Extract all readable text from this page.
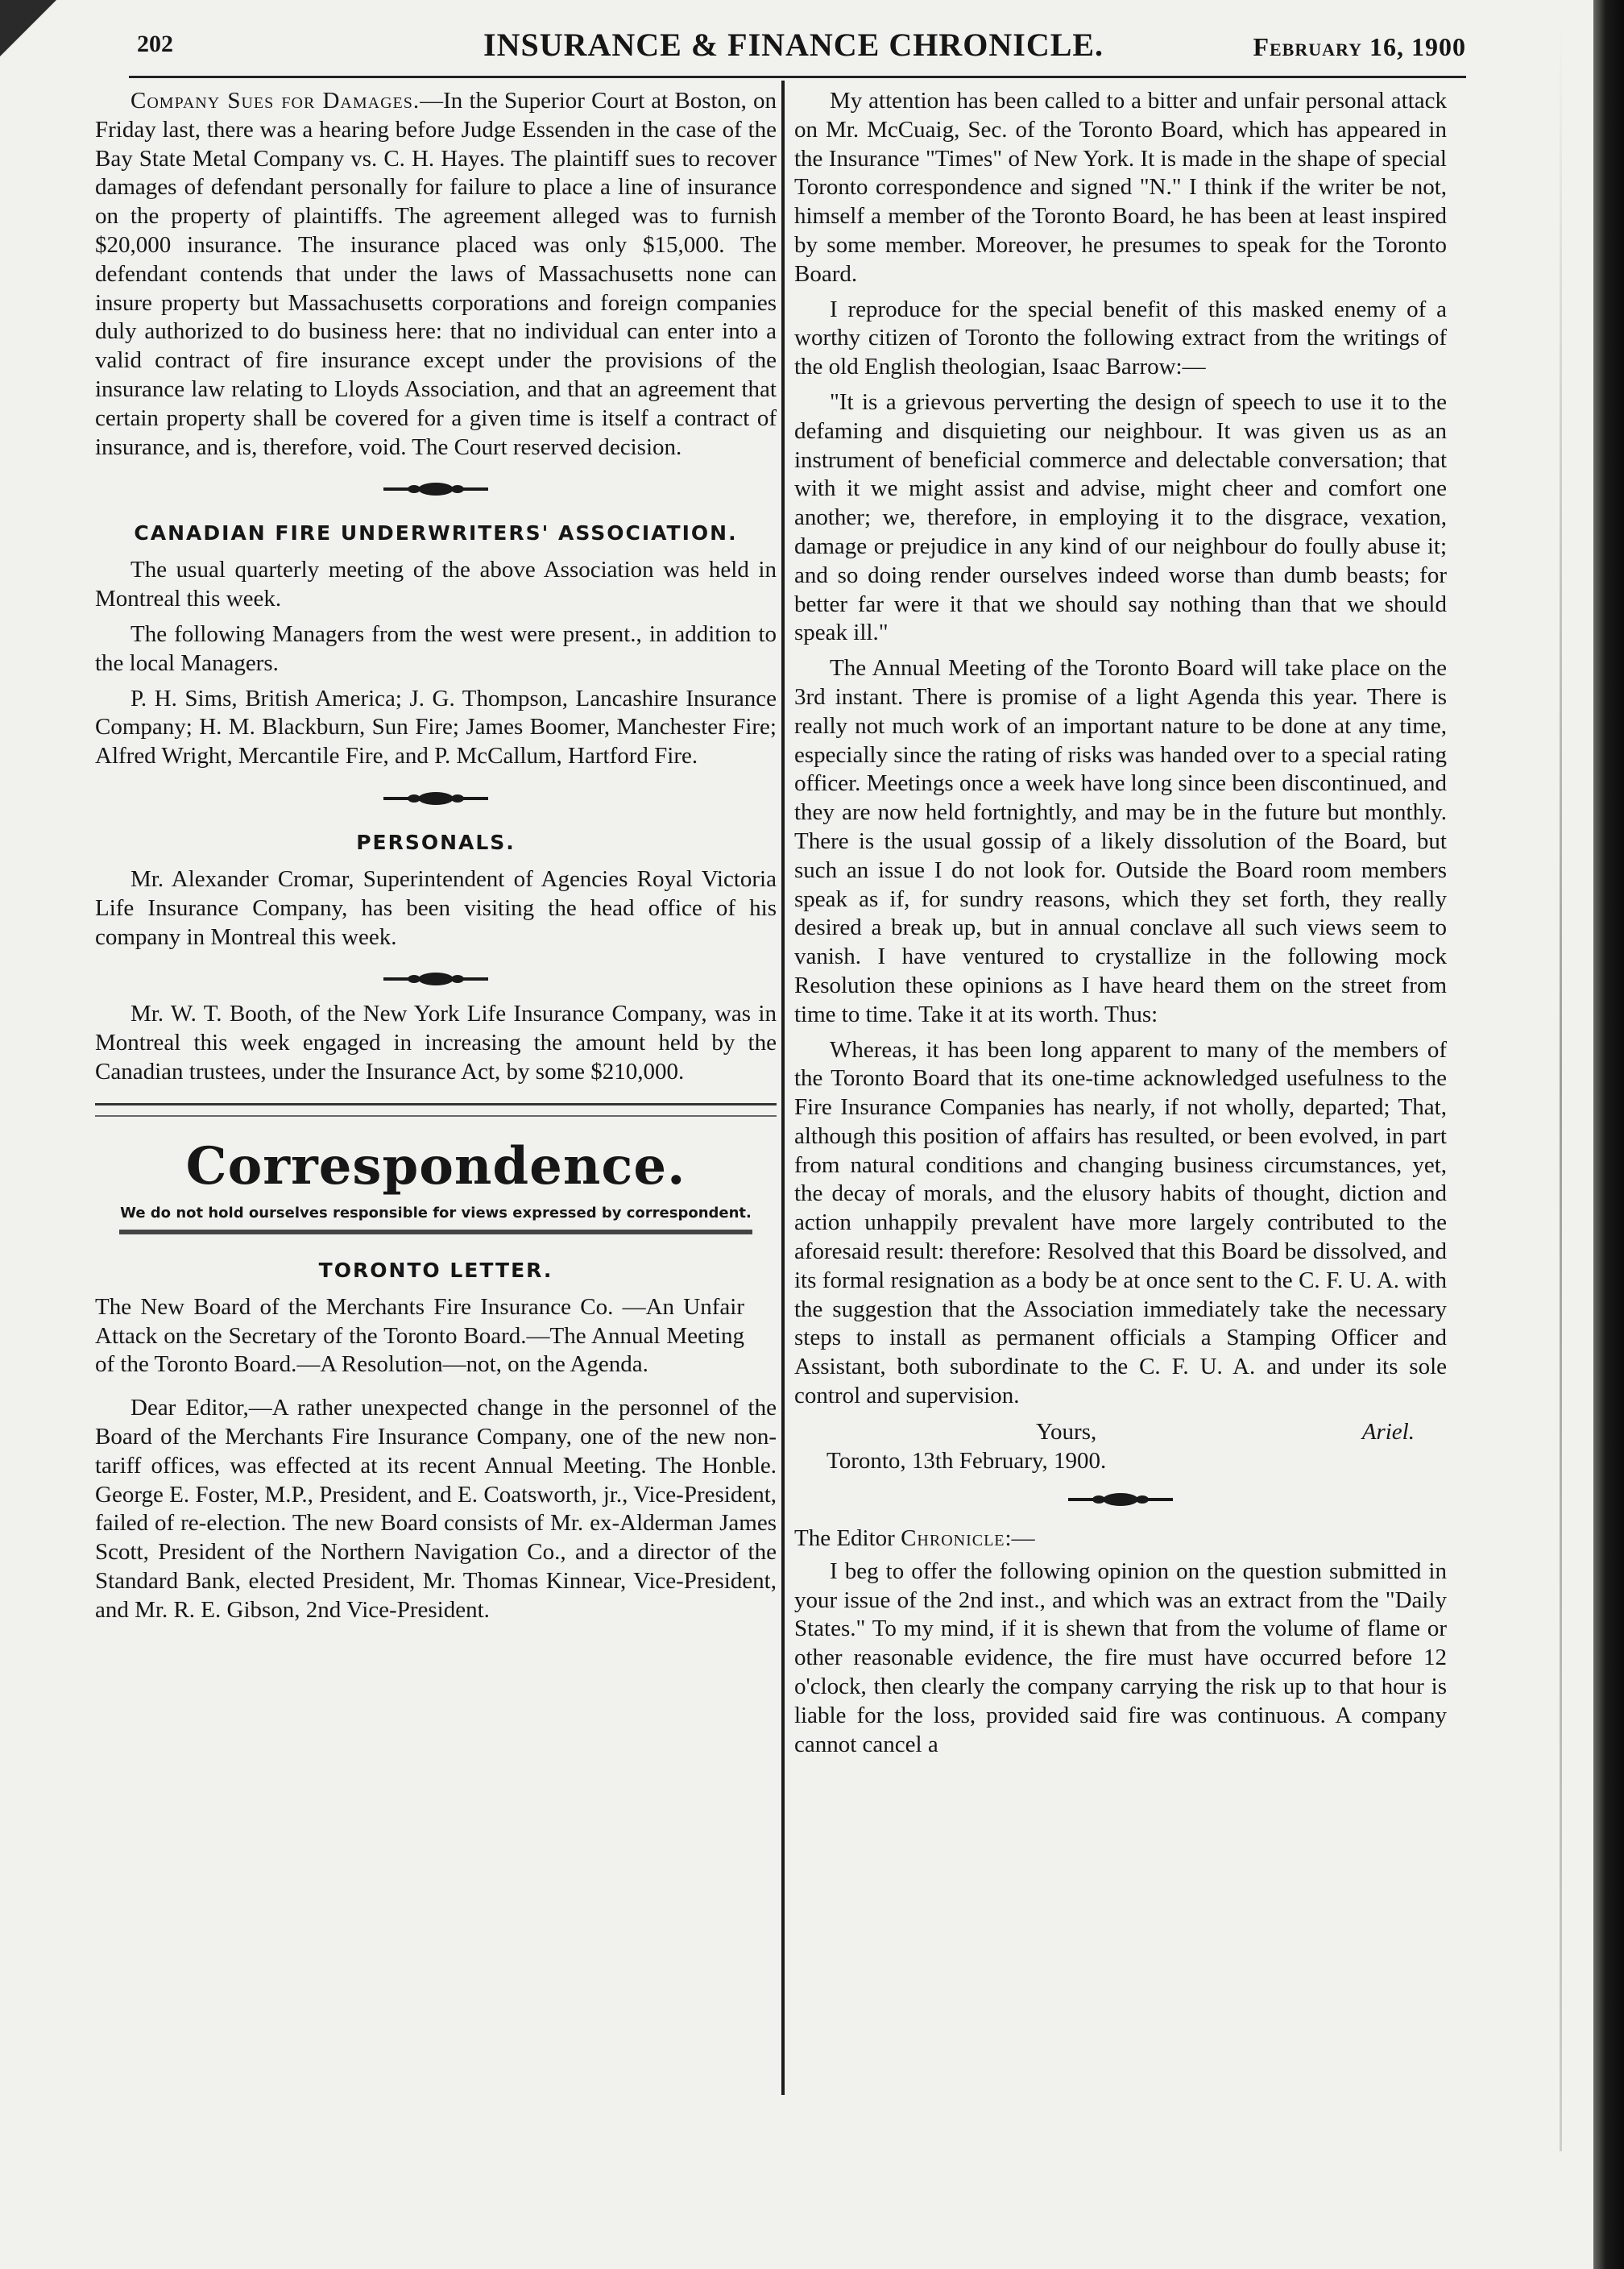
202	INSURANCE & FINANCE CHRONICLE.	February 16, 1900

Company Sues for Damages.—In the Superior Court at Boston, on Friday last, there was a hearing before Judge Essenden in the case of the Bay State Metal Company vs. C. H. Hayes. The plaintiff sues to recover damages of defendant personally for failure to place a line of insurance on the property of plaintiffs. The agreement alleged was to furnish $20,000 insurance. The insurance placed was only $15,000. The defendant contends that under the laws of Massachusetts none can insure property but Massachusetts corporations and foreign companies duly authorized to do business here: that no individual can enter into a valid contract of fire insurance except under the provisions of the insurance law relating to Lloyds Association, and that an agreement that certain property shall be covered for a given time is itself a contract of insurance, and is, therefore, void. The Court reserved decision.

CANADIAN FIRE UNDERWRITERS' ASSOCIATION.

The usual quarterly meeting of the above Association was held in Montreal this week.

The following Managers from the west were present., in addition to the local Managers.

P. H. Sims, British America; J. G. Thompson, Lancashire Insurance Company; H. M. Blackburn, Sun Fire; James Boomer, Manchester Fire; Alfred Wright, Mercantile Fire, and P. McCallum, Hartford Fire.

PERSONALS.

Mr. Alexander Cromar, Superintendent of Agencies Royal Victoria Life Insurance Company, has been visiting the head office of his company in Montreal this week.

Mr. W. T. Booth, of the New York Life Insurance Company, was in Montreal this week engaged in increasing the amount held by the Canadian trustees, under the Insurance Act, by some $210,000.

Correspondence.
We do not hold ourselves responsible for views expressed by correspondent.
TORONTO LETTER.
The New Board of the Merchants Fire Insurance Co. —An Unfair Attack on the Secretary of the Toronto Board.—The Annual Meeting of the Toronto Board.—A Resolution—not, on the Agenda.

Dear Editor,—A rather unexpected change in the personnel of the Board of the Merchants Fire Insurance Company, one of the new non-tariff offices, was effected at its recent Annual Meeting. The Honble. George E. Foster, M.P., President, and E. Coatsworth, jr., Vice-President, failed of re-election. The new Board consists of Mr. ex-Alderman James Scott, President of the Northern Navigation Co., and a director of the Standard Bank, elected President, Mr. Thomas Kinnear, Vice-President, and Mr. R. E. Gibson, 2nd Vice-President.

My attention has been called to a bitter and unfair personal attack on Mr. McCuaig, Sec. of the Toronto Board, which has appeared in the Insurance "Times" of New York. It is made in the shape of special Toronto correspondence and signed "N." I think if the writer be not, himself a member of the Toronto Board, he has been at least inspired by some member. Moreover, he presumes to speak for the Toronto Board.

I reproduce for the special benefit of this masked enemy of a worthy citizen of Toronto the following extract from the writings of the old English theologian, Isaac Barrow:—

"It is a grievous perverting the design of speech to use it to the defaming and disquieting our neighbour. It was given us as an instrument of beneficial commerce and delectable conversation; that with it we might assist and advise, might cheer and comfort one another; we, therefore, in employing it to the disgrace, vexation, damage or prejudice in any kind of our neighbour do foully abuse it; and so doing render ourselves indeed worse than dumb beasts; for better far were it that we should say nothing than that we should speak ill."

The Annual Meeting of the Toronto Board will take place on the 3rd instant. There is promise of a light Agenda this year. There is really not much work of an important nature to be done at any time, especially since the rating of risks was handed over to a special rating officer. Meetings once a week have long since been discontinued, and they are now held fortnightly, and may be in the future but monthly. There is the usual gossip of a likely dissolution of the Board, but such an issue I do not look for. Outside the Board room members speak as if, for sundry reasons, which they set forth, they really desired a break up, but in annual conclave all such views seem to vanish. I have ventured to crystallize in the following mock Resolution these opinions as I have heard them on the street from time to time. Take it at its worth. Thus:

Whereas, it has been long apparent to many of the members of the Toronto Board that its one-time acknowledged usefulness to the Fire Insurance Companies has nearly, if not wholly, departed; That, although this position of affairs has resulted, or been evolved, in part from natural conditions and changing business circumstances, yet, the decay of morals, and the elusory habits of thought, diction and action unhappily prevalent have more largely contributed to the aforesaid result: therefore: Resolved that this Board be dissolved, and its formal resignation as a body be at once sent to the C. F. U. A. with the suggestion that the Association immediately take the necessary steps to install as permanent officials a Stamping Officer and Assistant, both subordinate to the C. F. U. A. and under its sole control and supervision.

Yours,	Ariel.
Toronto, 13th February, 1900.
The Editor Chronicle:—

I beg to offer the following opinion on the question submitted in your issue of the 2nd inst., and which was an extract from the "Daily States." To my mind, if it is shewn that from the volume of flame or other reasonable evidence, the fire must have occurred before 12 o'clock, then clearly the company carrying the risk up to that hour is liable for the loss, provided said fire was continuous. A company cannot cancel a
